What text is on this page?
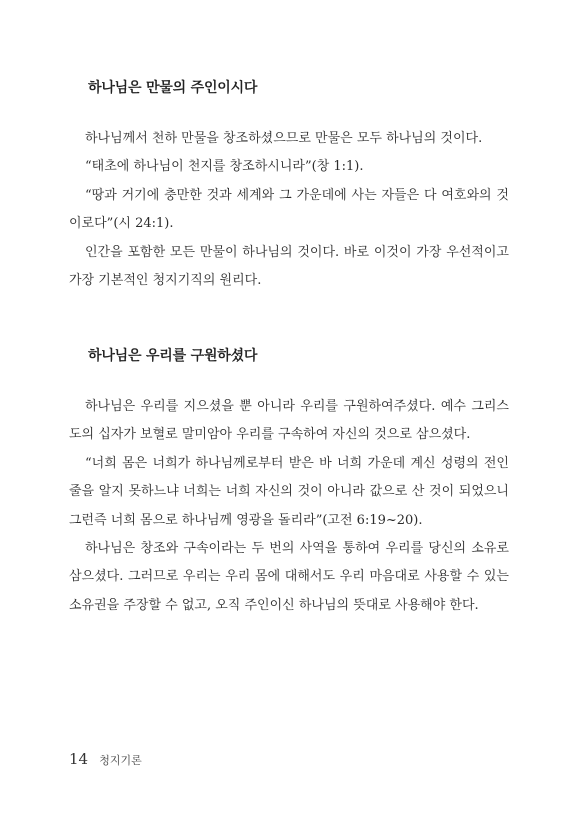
하나님은 만물의 주인이시다

하나님께서 천하 만물을 창조하셨으므로 만물은 모두 하나님의 것이다.

“태초에 하나님이 천지를 창조하시니라”(창 1:1).

“땅과 거기에 충만한 것과 세계와 그 가운데에 사는 자들은 다 여호와의 것이로다”(시 24:1).

인간을 포함한 모든 만물이 하나님의 것이다. 바로 이것이 가장 우선적이고 가장 기본적인 청지기직의 원리다.

하나님은 우리를 구원하셨다

하나님은 우리를 지으셨을 뿐 아니라 우리를 구원하여주셨다. 예수 그리스도의 십자가 보혈로 말미암아 우리를 구속하여 자신의 것으로 삼으셨다.

“너희 몸은 너희가 하나님께로부터 받은 바 너희 가운데 계신 성령의 전인 줄을 알지 못하느냐 너희는 너희 자신의 것이 아니라 값으로 산 것이 되었으니 그런즉 너희 몸으로 하나님께 영광을 돌리라”(고전 6:19~20).

하나님은 창조와 구속이라는 두 번의 사역을 통하여 우리를 당신의 소유로 삼으셨다. 그러므로 우리는 우리 몸에 대해서도 우리 마음대로 사용할 수 있는 소유권을 주장할 수 없고, 오직 주인이신 하나님의 뜻대로 사용해야 한다.

14 청지기론
